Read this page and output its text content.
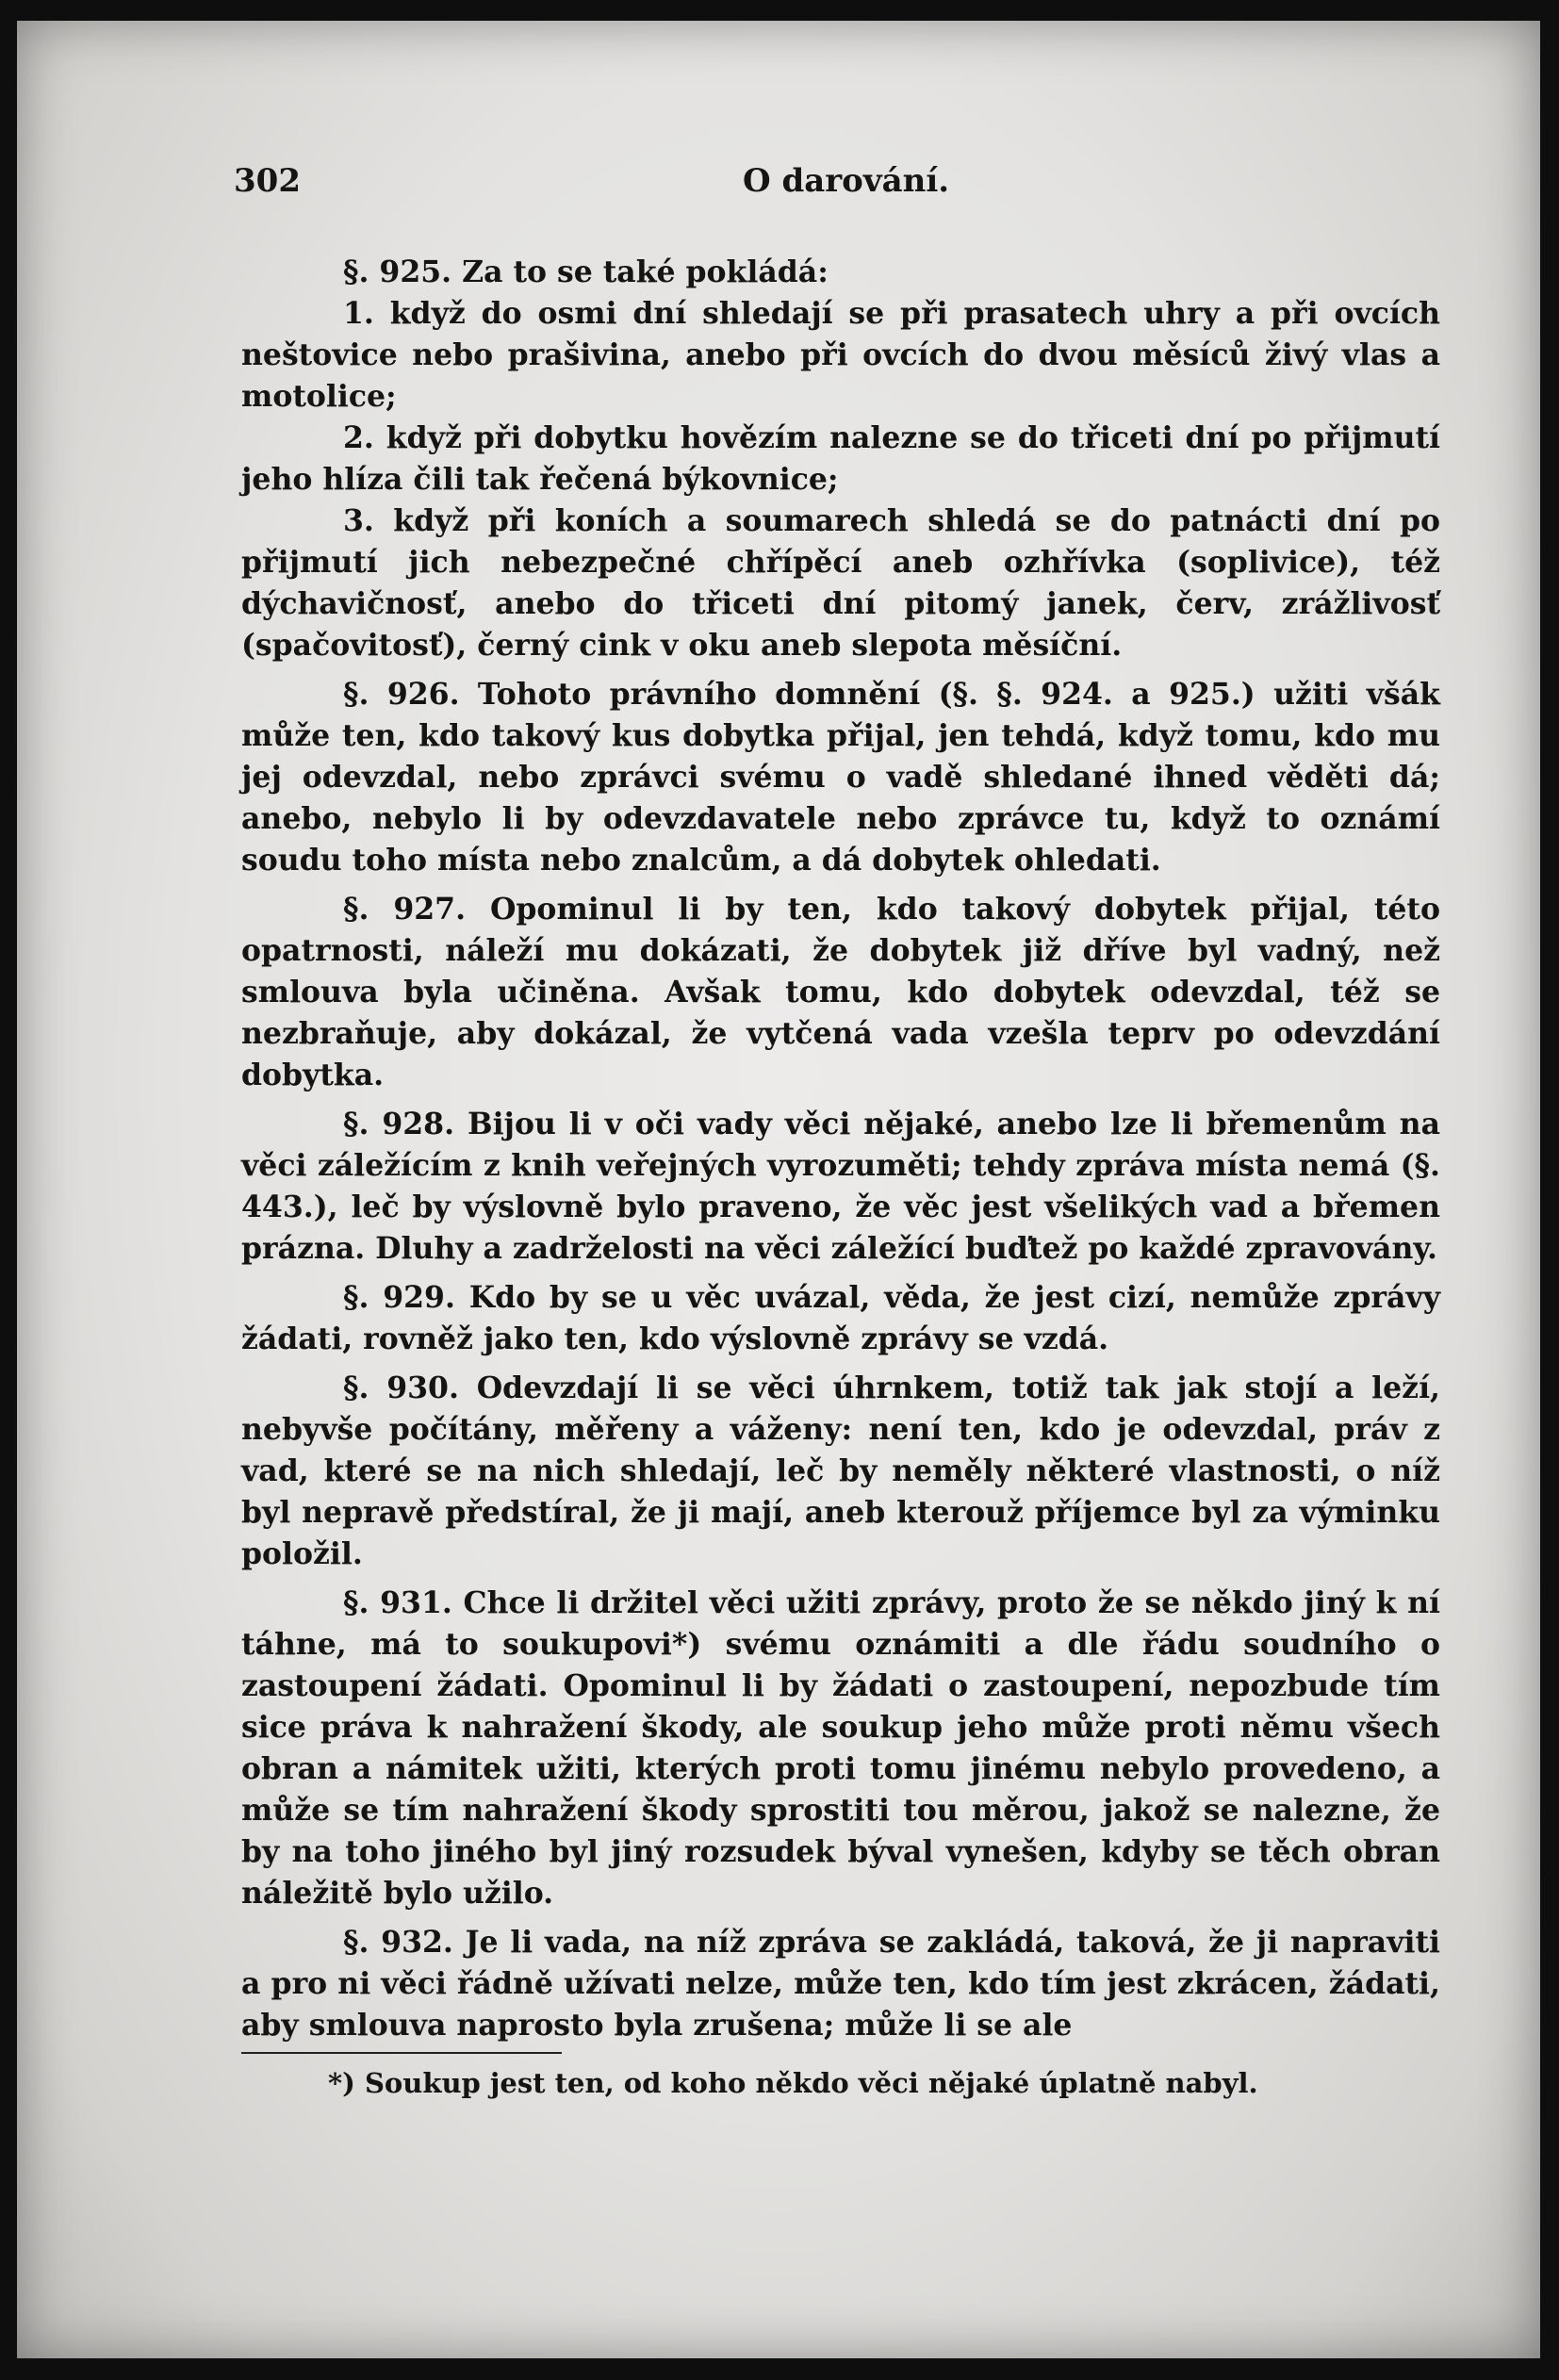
302	O darování.

§. 925. Za to se také pokládá:

1. když do osmi dní shledají se při prasatech uhry a při ovcích neštovice nebo prašivina, anebo při ovcích do dvou měsíců živý vlas a motolice;

2. když při dobytku hovězím nalezne se do třiceti dní po přijmutí jeho hlíza čili tak řečená býkovnice;

3. když při koních a soumarech shledá se do patnácti dní po přijmutí jich nebezpečné chřípěcí aneb ozhřívka (soplivice), též dýchavičnosť, anebo do třiceti dní pitomý janek, červ, zrážlivosť (spačovitosť), černý cink v oku aneb slepota měsíční.

§. 926. Tohoto právního domnění (§. §. 924. a 925.) užiti všák může ten, kdo takový kus dobytka přijal, jen tehdá, když tomu, kdo mu jej odevzdal, nebo zprávci svému o vadě shledané ihned věděti dá; anebo, nebylo li by odevzdavatele nebo zprávce tu, když to oznámí soudu toho místa nebo znalcům, a dá dobytek ohledati.

§. 927. Opominul li by ten, kdo takový dobytek přijal, této opatrnosti, náleží mu dokázati, že dobytek již dříve byl vadný, než smlouva byla učiněna. Avšak tomu, kdo dobytek odevzdal, též se nezbraňuje, aby dokázal, že vytčená vada vzešla teprv po odevzdání dobytka.

§. 928. Bijou li v oči vady věci nějaké, anebo lze li břemenům na věci záležícím z knih veřejných vyrozuměti; tehdy zpráva místa nemá (§. 443.), leč by výslovně bylo praveno, že věc jest všelikých vad a břemen prázna. Dluhy a zadrželosti na věci záležící buďtež po každé zpravovány.

§. 929. Kdo by se u věc uvázal, věda, že jest cizí, nemůže zprávy žádati, rovněž jako ten, kdo výslovně zprávy se vzdá.

§. 930. Odevzdají li se věci úhrnkem, totiž tak jak stojí a leží, nebyvše počítány, měřeny a váženy: není ten, kdo je odevzdal, práv z vad, které se na nich shledají, leč by neměly některé vlastnosti, o níž byl nepravě předstíral, že ji mají, aneb kterouž příjemce byl za výminku položil.

§. 931. Chce li držitel věci užiti zprávy, proto že se někdo jiný k ní táhne, má to soukupovi*) svému oznámiti a dle řádu soudního o zastoupení žádati. Opominul li by žádati o zastoupení, nepozbude tím sice práva k nahražení škody, ale soukup jeho může proti němu všech obran a námitek užiti, kterých proti tomu jinému nebylo provedeno, a může se tím nahražení škody sprostiti tou měrou, jakož se nalezne, že by na toho jiného byl jiný rozsudek býval vynešen, kdyby se těch obran náležitě bylo užilo.

§. 932. Je li vada, na níž zpráva se zakládá, taková, že ji napraviti a pro ni věci řádně užívati nelze, může ten, kdo tím jest zkrácen, žádati, aby smlouva naprosto byla zrušena; může li se ale

*) Soukup jest ten, od koho někdo věci nějaké úplatně nabyl.
